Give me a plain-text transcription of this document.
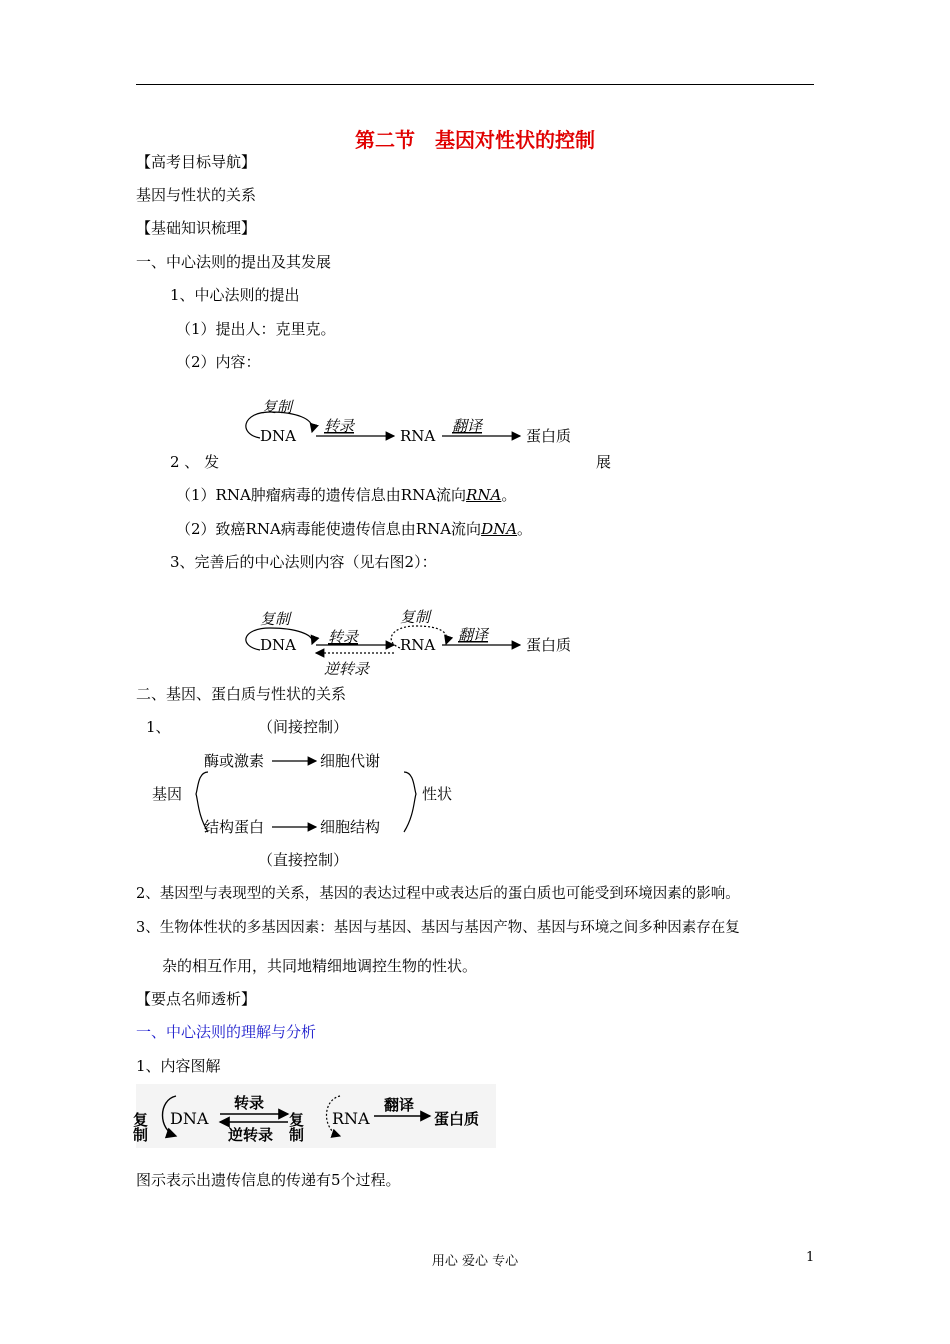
第二节　基因对性状的控制
【高考目标导航】
基因与性状的关系
【基础知识梳理】
一、中心法则的提出及其发展
1、中心法则的提出
（1）提出人：克里克。
（2）内容：
复制
DNA
转录
RNA
翻译
蛋白质
2 、 发	展
（1）RNA肿瘤病毒的遗传信息由RNA流向RNA。
（2）致癌RNA病毒能使遗传信息由RNA流向DNA。
3、完善后的中心法则内容（见右图2）：
复制
DNA 转录
逆转录
复制
RNA
翻译
蛋白质
二、基因、蛋白质与性状的关系
1、	（间接控制）
酶或激素	细胞代谢
基因	性状
结构蛋白	细胞结构
（直接控制）
2、基因型与表现型的关系，基因的表达过程中或表达后的蛋白质也可能受到环境因素的影响。
3、生物体性状的多基因因素：基因与基因、基因与基因产物、基因与环境之间多种因素存在复
杂的相互作用，共同地精细地调控生物的性状。
【要点名师透析】
一、中心法则的理解与分析
1、内容图解
复制 DNA
转录
逆转录 复制 RNA
翻译
蛋白质
图示表示出遗传信息的传递有5个过程。
用心 爱心 专心	1
